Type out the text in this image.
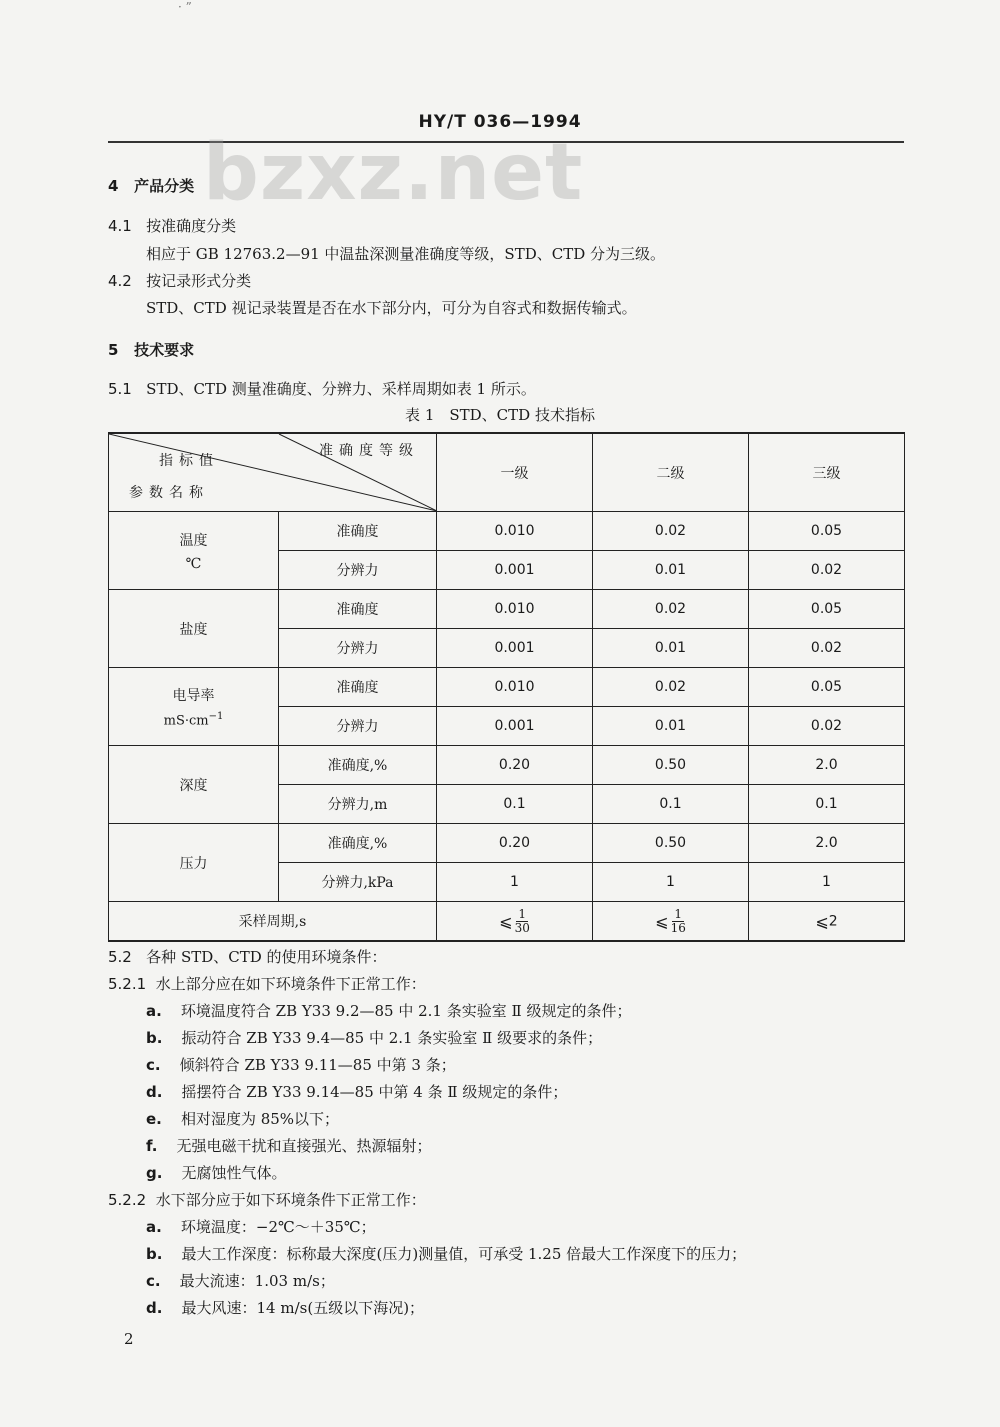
· ”
HY/T 036—1994
bzxz.net
4 产品分类
4.1 按准确度分类
相应于 GB 12763.2—91 中温盐深测量准确度等级，STD、CTD 分为三级。
4.2 按记录形式分类
STD、CTD 视记录装置是否在水下部分内，可分为自容式和数据传输式。
5 技术要求
5.1 STD、CTD 测量准确度、分辨力、采样周期如表 1 所示。
表 1　STD、CTD 技术指标
准确度等级
指标值
参数名称		一级	二级	三级

温度
℃	准确度	0.010	0.02	0.05
	分辨力	0.001	0.01	0.02

盐度	准确度	0.010	0.02	0.05
	分辨力	0.001	0.01	0.02

电导率
$mS\cdot cm^{-1}$	准确度	0.010	0.02	0.05
	分辨力	0.001	0.01	0.02

深度	准确度,%	0.20	0.50	2.0
	分辨力,m	0.1	0.1	0.1

压力	准确度,%	0.20	0.50	2.0
	分辨力,kPa	1	1	1
采样周期,s		⩽ $\frac{1}{30}$	⩽ $\frac{1}{16}$	⩽2
5.2 各种 STD、CTD 的使用环境条件：
5.2.1 水上部分应在如下环境条件下正常工作：
a. 环境温度符合 ZB Y33 9.2—85 中 2.1 条实验室 Ⅱ 级规定的条件；
b. 振动符合 ZB Y33 9.4—85 中 2.1 条实验室 Ⅱ 级要求的条件；
c. 倾斜符合 ZB Y33 9.11—85 中第 3 条；
d. 摇摆符合 ZB Y33 9.14—85 中第 4 条 Ⅱ 级规定的条件；
e. 相对湿度为 85%以下；
f. 无强电磁干扰和直接强光、热源辐射；
g. 无腐蚀性气体。
5.2.2 水下部分应于如下环境条件下正常工作：
a. 环境温度：−2℃～＋35℃；
b. 最大工作深度：标称最大深度(压力)测量值，可承受 1.25 倍最大工作深度下的压力；
c. 最大流速：1.03 m/s；
d. 最大风速：14 m/s(五级以下海况)；
2
